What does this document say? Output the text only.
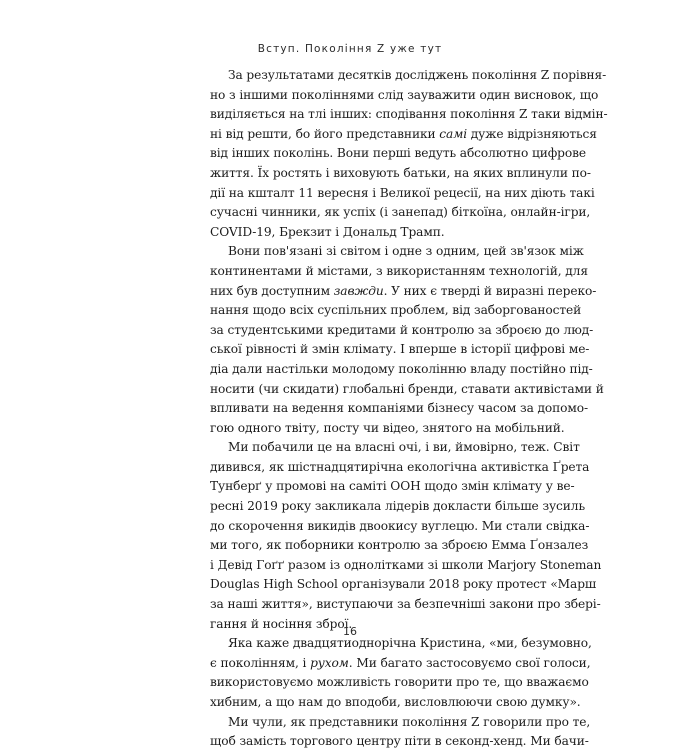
Вступ. Покоління Z уже тут
За результатами десятків досліджень покоління Z порівня-
но з іншими поколіннями слід зауважити один висновок, що
виділяється на тлі інших: сподівання покоління Z таки відмін-
ні від решти, бо його представники самі дуже відрізняються
від інших поколінь. Вони перші ведуть абсолютно цифрове
життя. Їх ростять і виховують батьки, на яких вплинули по-
дії на кшталт 11 вересня і Великої рецесії, на них діють такі
сучасні чинники, як успіх (і занепад) біткоїна, онлайн-ігри,
COVID-19, Брекзит і Дональд Трамп.
Вони пов'язані зі світом і одне з одним, цей зв'язок між
континентами й містами, з використанням технологій, для
них був доступним завжди. У них є тверді й виразні переко-
нання щодо всіх суспільних проблем, від заборгованостей
за студентськими кредитами й контролю за зброєю до люд-
ської рівності й змін клімату. І вперше в історії цифрові ме-
діа дали настільки молодому поколінню владу постійно під-
носити (чи скидати) глобальні бренди, ставати активістами й
впливати на ведення компаніями бізнесу часом за допомо-
гою одного твіту, посту чи відео, знятого на мобільний.
Ми побачили це на власні очі, і ви, ймовірно, теж. Світ
дивився, як шістнадцятирічна екологічна активістка Ґрета
Тунберґ у промові на саміті ООН щодо змін клімату у ве-
ресні 2019 року закликала лідерів докласти більше зусиль
до скорочення викидів двоокису вуглецю. Ми стали свідка-
ми того, як поборники контролю за зброєю Емма Ґонзалез
і Девід Гоґґ разом із однолітками зі школи Marjory Stoneman
Douglas High School організували 2018 року протест «Марш
за наші життя», виступаючи за безпечніші закони про збері-
гання й носіння зброї.
Яка каже двадцятиоднорічна Кристина, «ми, безумовно,
є поколінням, і рухом. Ми багато застосовуємо свої голоси,
використовуємо можливість говорити про те, що вважаємо
хибним, а що нам до вподоби, висловлюючи свою думку».
Ми чули, як представники покоління Z говорили про те,
щоб замість торгового центру піти в секонд-хенд. Ми бачи-
16
